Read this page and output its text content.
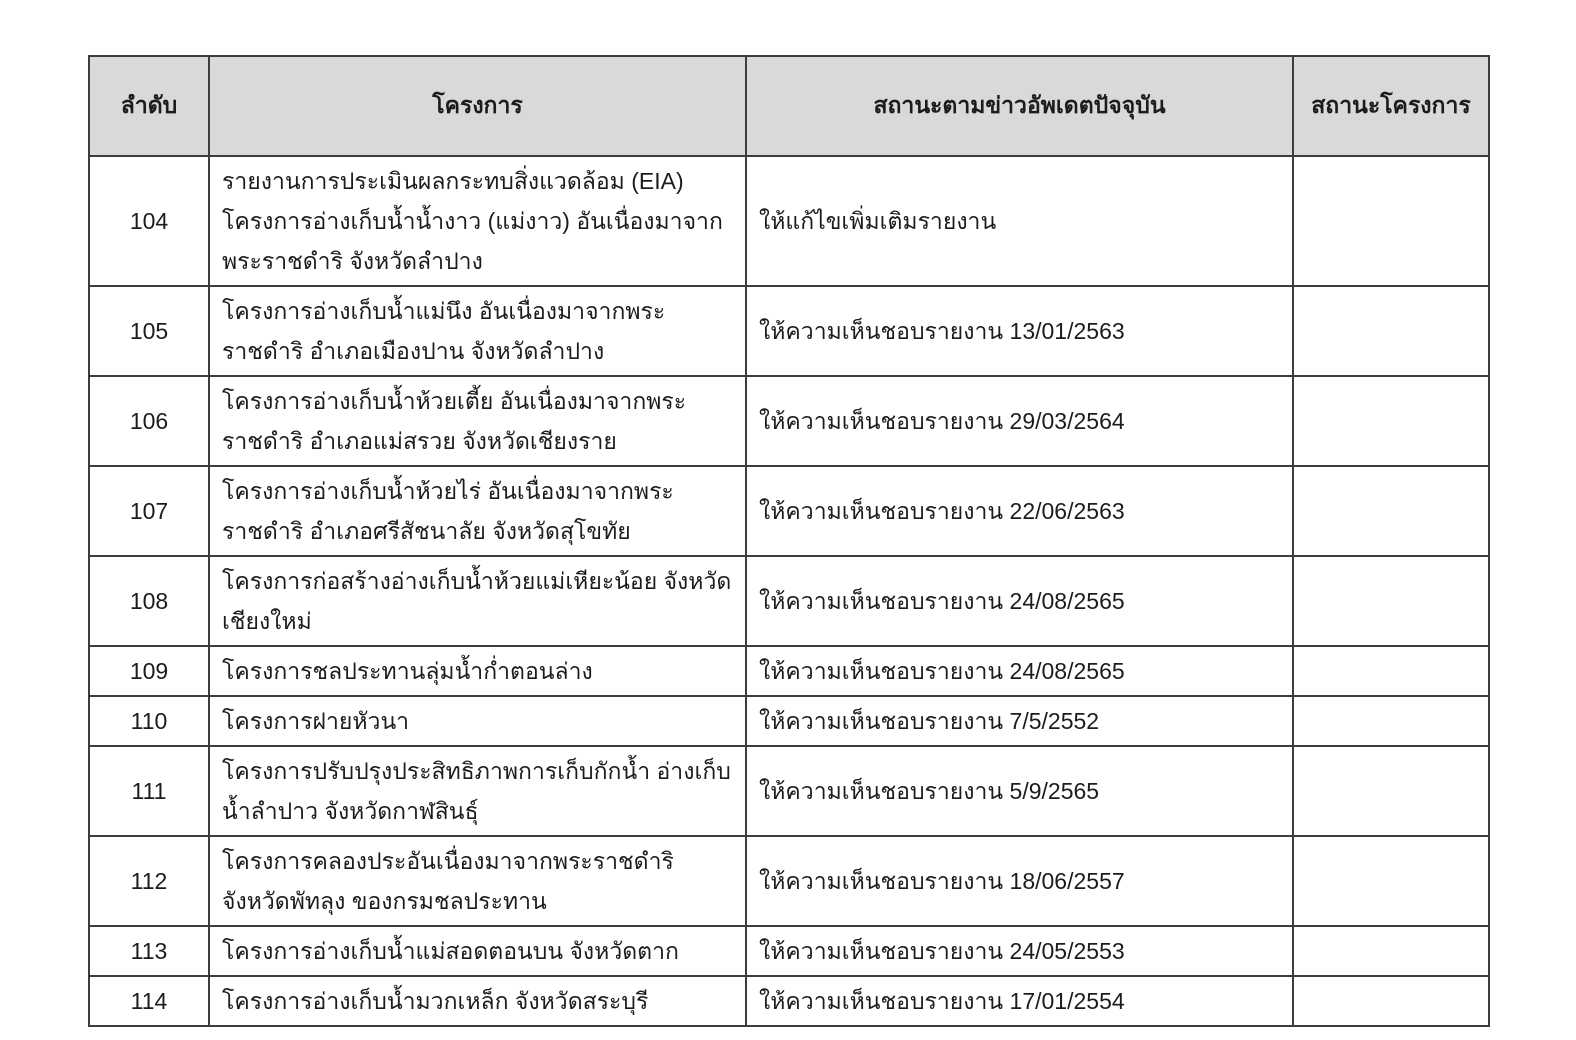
ลำดับ	โครงการ	สถานะตามข่าวอัพเดตปัจจุบัน	สถานะโครงการ
104	รายงานการประเมินผลกระทบสิ่งแวดล้อม (EIA) โครงการอ่างเก็บน้ำน้ำงาว (แม่งาว) อันเนื่องมาจากพระราชดำริ จังหวัดลำปาง	ให้แก้ไขเพิ่มเติมรายงาน	
105	โครงการอ่างเก็บน้ำแม่นึง อันเนื่องมาจากพระราชดำริ อำเภอเมืองปาน จังหวัดลำปาง	ให้ความเห็นชอบรายงาน 13/01/2563	
106	โครงการอ่างเก็บน้ำห้วยเตี้ย อันเนื่องมาจากพระราชดำริ อำเภอแม่สรวย จังหวัดเชียงราย	ให้ความเห็นชอบรายงาน 29/03/2564	
107	โครงการอ่างเก็บน้ำห้วยไร่ อันเนื่องมาจากพระราชดำริ อำเภอศรีสัชนาลัย จังหวัดสุโขทัย	ให้ความเห็นชอบรายงาน 22/06/2563	
108	โครงการก่อสร้างอ่างเก็บน้ำห้วยแม่เหียะน้อย จังหวัดเชียงใหม่	ให้ความเห็นชอบรายงาน 24/08/2565	
109	โครงการชลประทานลุ่มน้ำก่ำตอนล่าง	ให้ความเห็นชอบรายงาน 24/08/2565	
110	โครงการฝายหัวนา	ให้ความเห็นชอบรายงาน 7/5/2552	
111	โครงการปรับปรุงประสิทธิภาพการเก็บกักน้ำ อ่างเก็บน้ำลำปาว จังหวัดกาฬสินธุ์	ให้ความเห็นชอบรายงาน 5/9/2565	
112	โครงการคลองประอันเนื่องมาจากพระราชดำริ จังหวัดพัทลุง ของกรมชลประทาน	ให้ความเห็นชอบรายงาน 18/06/2557	
113	โครงการอ่างเก็บน้ำแม่สอดตอนบน จังหวัดตาก	ให้ความเห็นชอบรายงาน 24/05/2553	
114	โครงการอ่างเก็บน้ำมวกเหล็ก จังหวัดสระบุรี	ให้ความเห็นชอบรายงาน 17/01/2554	
